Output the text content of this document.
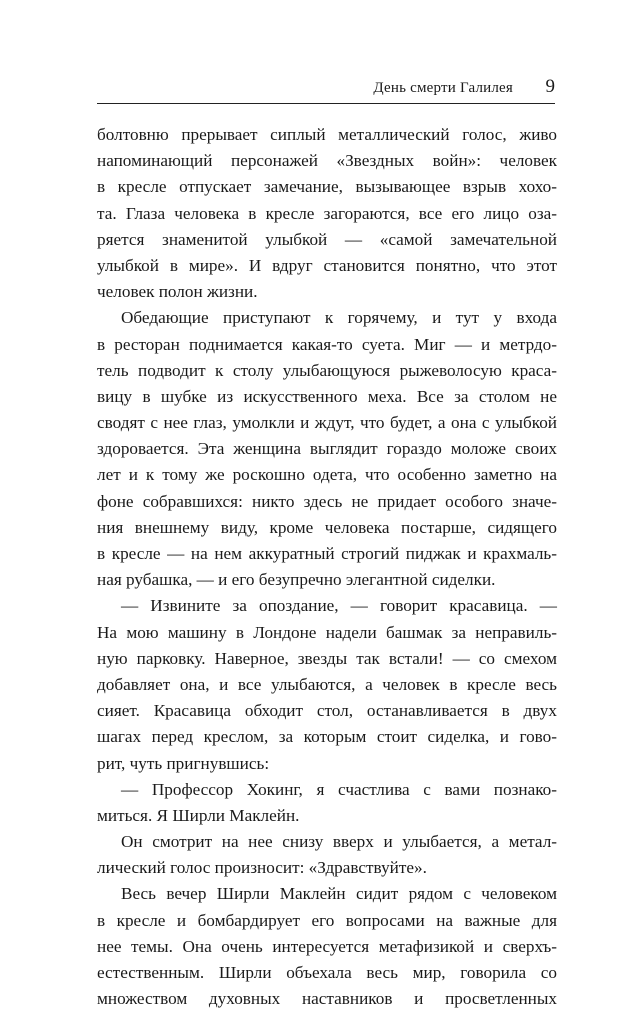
День смерти Галилея 9
болтовню прерывает сиплый металлический голос, живо
напоминающий персонажей «Звездных войн»: человек
в кресле отпускает замечание, вызывающее взрыв хохо-
та. Глаза человека в кресле загораются, все его лицо оза-
ряется знаменитой улыбкой — «самой замечательной
улыбкой в мире». И вдруг становится понятно, что этот
человек полон жизни.
Обедающие приступают к горячему, и тут у входа
в ресторан поднимается какая-то суета. Миг — и метрдо-
тель подводит к столу улыбающуюся рыжеволосую краса-
вицу в шубке из искусственного меха. Все за столом не
сводят с нее глаз, умолкли и ждут, что будет, а она с улыбкой
здоровается. Эта женщина выглядит гораздо моложе своих
лет и к тому же роскошно одета, что особенно заметно на
фоне собравшихся: никто здесь не придает особого значе-
ния внешнему виду, кроме человека постарше, сидящего
в кресле — на нем аккуратный строгий пиджак и крахмаль-
ная рубашка, — и его безупречно элегантной сиделки.
— Извините за опоздание, — говорит красавица. —
На мою машину в Лондоне надели башмак за неправиль-
ную парковку. Наверное, звезды так встали! — со смехом
добавляет она, и все улыбаются, а человек в кресле весь
сияет. Красавица обходит стол, останавливается в двух
шагах перед креслом, за которым стоит сиделка, и гово-
рит, чуть пригнувшись:
— Профессор Хокинг, я счастлива с вами познако-
миться. Я Ширли Маклейн.
Он смотрит на нее снизу вверх и улыбается, а метал-
лический голос произносит: «Здравствуйте».
Весь вечер Ширли Маклейн сидит рядом с человеком
в кресле и бомбардирует его вопросами на важные для
нее темы. Она очень интересуется метафизикой и сверхъ-
естественным. Ширли объехала весь мир, говорила со
множеством духовных наставников и просветленных
